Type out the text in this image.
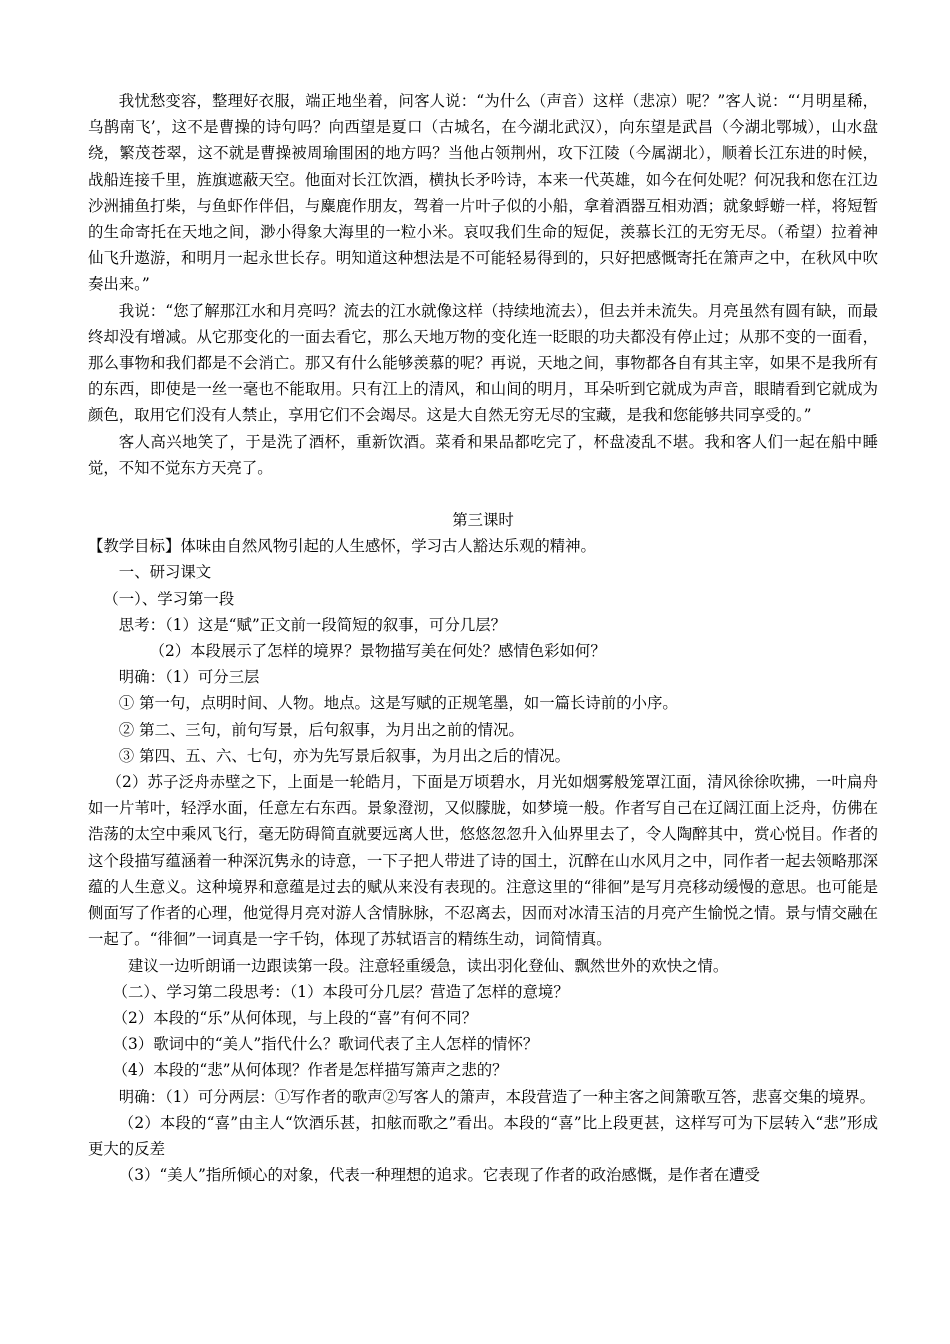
我忧愁变容，整理好衣服，端正地坐着，问客人说：“为什么（声音）这样（悲凉）呢？”客人说：“‘月明星稀，乌鹊南飞’，这不是曹操的诗句吗？向西望是夏口（古城名，在今湖北武汉），向东望是武昌（今湖北鄂城），山水盘绕，繁茂苍翠，这不就是曹操被周瑜围困的地方吗？当他占领荆州，攻下江陵（今属湖北），顺着长江东进的时候，战船连接千里，旌旗遮蔽天空。他面对长江饮酒，横执长矛吟诗，本来一代英雄，如今在何处呢？何况我和您在江边沙洲捕鱼打柴，与鱼虾作伴侣，与麋鹿作朋友，驾着一片叶子似的小船，拿着酒器互相劝酒；就象蜉蝣一样，将短暂的生命寄托在天地之间，渺小得象大海里的一粒小米。哀叹我们生命的短促，羡慕长江的无穷无尽。（希望）拉着神仙飞升遨游，和明月一起永世长存。明知道这种想法是不可能轻易得到的，只好把感慨寄托在箫声之中，在秋风中吹奏出来。”

我说：“您了解那江水和月亮吗？流去的江水就像这样（持续地流去），但去并未流失。月亮虽然有圆有缺，而最终却没有增减。从它那变化的一面去看它，那么天地万物的变化连一眨眼的功夫都没有停止过；从那不变的一面看，那么事物和我们都是不会消亡。那又有什么能够羡慕的呢？再说，天地之间，事物都各自有其主宰，如果不是我所有的东西，即使是一丝一毫也不能取用。只有江上的清风，和山间的明月，耳朵听到它就成为声音，眼睛看到它就成为颜色，取用它们没有人禁止，享用它们不会竭尽。这是大自然无穷无尽的宝藏，是我和您能够共同享受的。”

客人高兴地笑了，于是洗了酒杯，重新饮酒。菜肴和果品都吃完了，杯盘凌乱不堪。我和客人们一起在船中睡觉，不知不觉东方天亮了。

第三课时

【教学目标】体味由自然风物引起的人生感怀，学习古人豁达乐观的精神。

一、研习课文

（一）、学习第一段

思考：（1）这是“赋”正文前一段简短的叙事，可分几层？

（2）本段展示了怎样的境界？景物描写美在何处？感情色彩如何？

明确：（1）可分三层

① 第一句，点明时间、人物。地点。这是写赋的正规笔墨，如一篇长诗前的小序。

② 第二、三句，前句写景，后句叙事，为月出之前的情况。

③ 第四、五、六、七句，亦为先写景后叙事，为月出之后的情况。

（2）苏子泛舟赤壁之下，上面是一轮皓月，下面是万顷碧水，月光如烟雾般笼罩江面，清风徐徐吹拂，一叶扁舟如一片苇叶，轻浮水面，任意左右东西。景象澄沏，又似朦胧，如梦境一般。作者写自己在辽阔江面上泛舟，仿佛在浩荡的太空中乘风飞行，毫无防碍简直就要远离人世，悠悠忽忽升入仙界里去了，令人陶醉其中，赏心悦目。作者的这个段描写蕴涵着一种深沉隽永的诗意，一下子把人带进了诗的国土，沉醉在山水风月之中，同作者一起去领略那深蕴的人生意义。这种境界和意蕴是过去的赋从来没有表现的。注意这里的“徘徊”是写月亮移动缓慢的意思。也可能是侧面写了作者的心理，他觉得月亮对游人含情脉脉，不忍离去，因而对冰清玉洁的月亮产生愉悦之情。景与情交融在一起了。“徘徊”一词真是一字千钧，体现了苏轼语言的精练生动，词简情真。

建议一边听朗诵一边跟读第一段。注意轻重缓急，读出羽化登仙、飘然世外的欢快之情。

（二）、学习第二段思考：（1）本段可分几层？营造了怎样的意境？

（2）本段的“乐”从何体现，与上段的“喜”有何不同？

（3）歌词中的“美人”指代什么？歌词代表了主人怎样的情怀？

（4）本段的“悲”从何体现？作者是怎样描写箫声之悲的？

明确：（1）可分两层：①写作者的歌声②写客人的箫声，本段营造了一种主客之间箫歌互答，悲喜交集的境界。

（2）本段的“喜”由主人“饮酒乐甚，扣舷而歌之”看出。本段的“喜”比上段更甚，这样写可为下层转入“悲”形成更大的反差

（3）“美人”指所倾心的对象，代表一种理想的追求。它表现了作者的政治感慨，是作者在遭受
